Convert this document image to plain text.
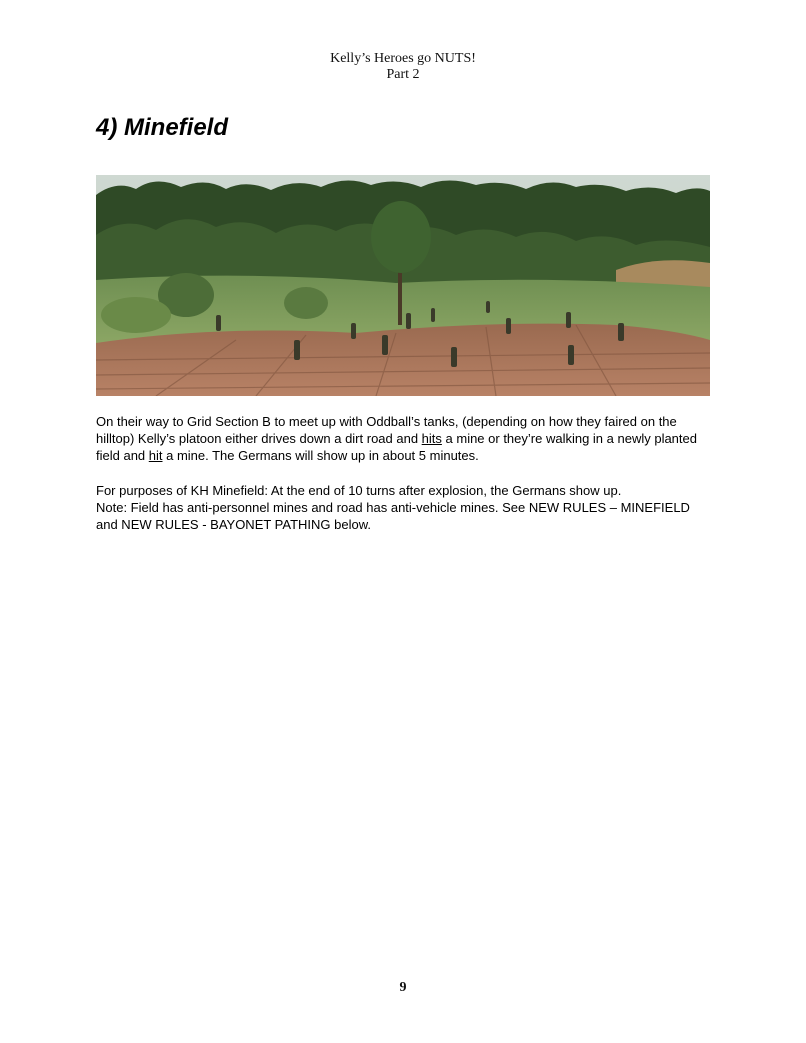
Kelly’s Heroes go NUTS!
Part 2
4) Minefield
On their way to Grid Section B to meet up with Oddball’s tanks, (depending on how they faired on the hilltop) Kelly’s platoon either drives down a dirt road and hits a mine or they’re walking in a newly planted field and hit a mine. The Germans will show up in about 5 minutes.
For purposes of KH Minefield: At the end of 10 turns after explosion, the Germans show up.
Note: Field has anti-personnel mines and road has anti-vehicle mines. See NEW RULES – MINEFIELD and NEW RULES - BAYONET PATHING below.
9
